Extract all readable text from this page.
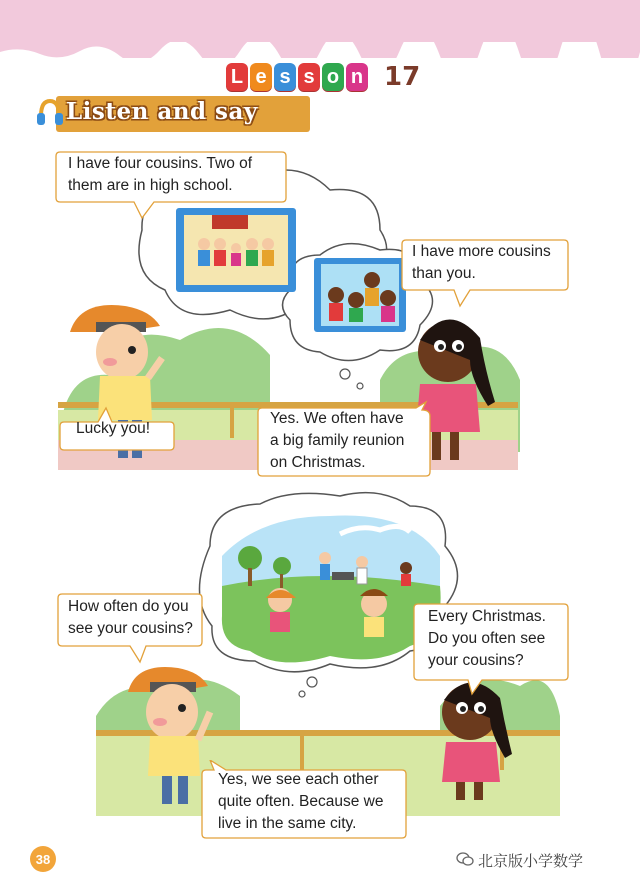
L e s s o n 17
Listen and say
I have four cousins. Two of
them are in high school.
I have more cousins
than you.
Lucky you!
Yes. We often have
a big family reunion
on Christmas.
How often do you
see your cousins?
Every Christmas.
Do you often see
your cousins?
Yes, we see each other
quite often. Because we
live in the same city.
38	北京版小学数学
